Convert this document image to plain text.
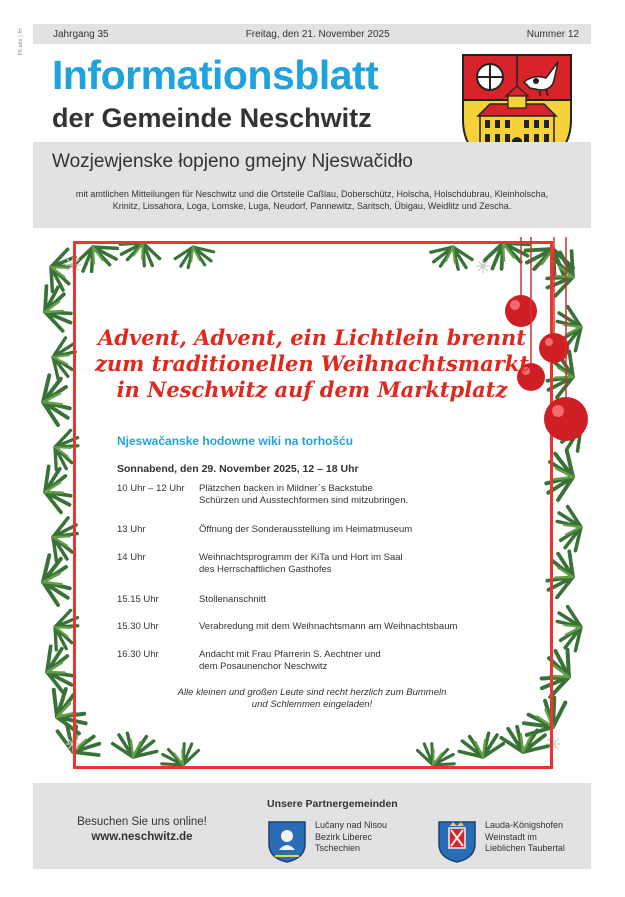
PX.abs | ftt	Jahrgang 35	Freitag, den 21. November 2025	Nummer 12
Informationsblatt
der Gemeinde Neschwitz
Wozjewjenske łopjeno gmejny Njeswačidło
mit amtlichen Mitteilungen für Neschwitz und die Ortsteile Caßlau, Doberschütz, Holscha, Holschdubrau, Kleinholscha,
Krinitz, Lissahora, Loga, Lomske, Luga, Neudorf, Pannewitz, Saritsch, Übigau, Weidlitz und Zescha.
Advent, Advent, ein Lichtlein brennt
zum traditionellen Weihnachtsmarkt
in Neschwitz auf dem Marktplatz
Njeswačanske hodowne wiki na torhošću
Sonnabend, den 29. November 2025, 12 – 18 Uhr
10 Uhr – 12 Uhr	Plätzchen backen in Mildner´s Backstube
Schürzen und Ausstechformen sind mitzubringen.
13 Uhr	Öffnung der Sonderausstellung im Heimatmuseum
14 Uhr	Weihnachtsprogramm der KiTa und Hort im Saal
des Herrschaftlichen Gasthofes
15.15 Uhr	Stollenanschnitt
15.30 Uhr	Verabredung mit dem Weihnachtsmann am Weihnachtsbaum
16.30 Uhr	Andacht mit Frau Pfarrerin S. Aechtner und
dem Posaunenchor Neschwitz
Alle kleinen und großen Leute sind recht herzlich zum Bummeln
und Schlemmen eingeladen!
Besuchen Sie uns online!
www.neschwitz.de
Unsere Partnergemeinden
Lučany nad Nisou
Bezirk Liberec
Tschechien
Lauda-Königshofen
Weinstadt im
Lieblichen Taubertal
